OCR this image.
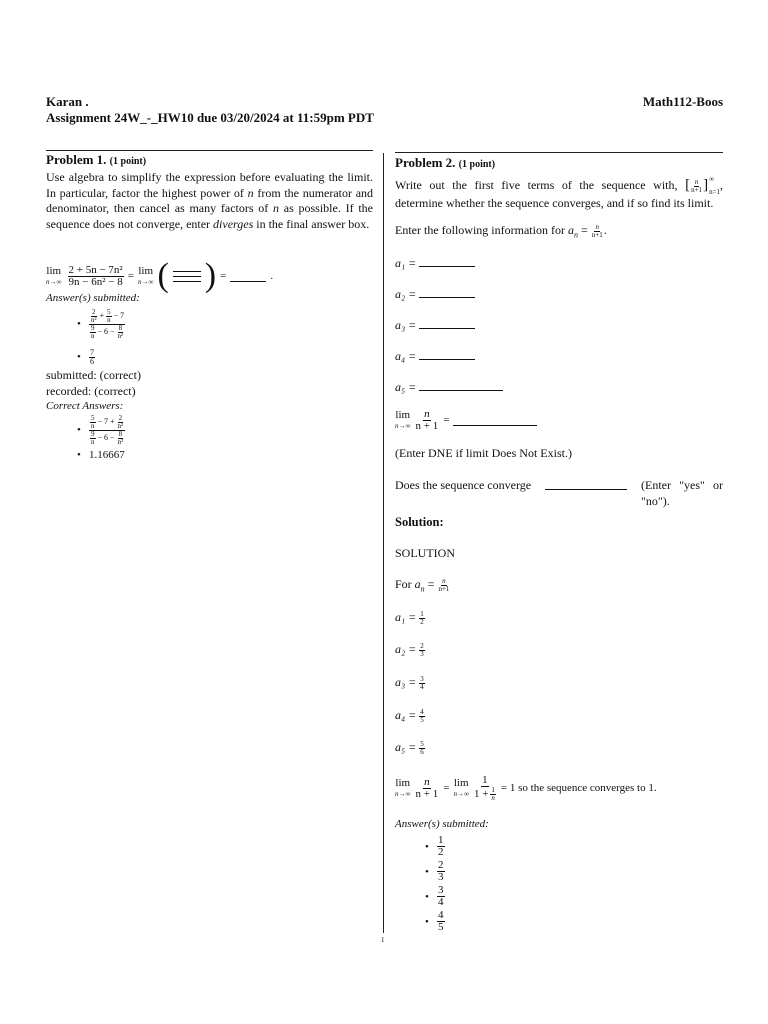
Karan .
Assignment 24W_-_HW10 due 03/20/2024 at 11:59pm PDT
Math112-Boos
Problem 1. (1 point)
Use algebra to simplify the expression before evaluating the limit. In particular, factor the highest power of n from the numerator and denominator, then cancel as many factors of n as possible. If the sequence does not converge, enter diverges in the final answer box.
lim
$n\to\infty \frac{\text{2 + 5n − 7n²}}{\text{9n − 6n² − 8}} = \lim$
n→∞ ( ) =	.
Answer(s) submitted:
• $\frac{\frac{2}{\text{n²}} + \frac{5}{n} - 7}{\frac{9}{n} - 6 - \frac{8}{\text{n²}}}$
• $\frac{7}{6}$
submitted: (correct)
recorded: (correct)
Correct Answers:
• $\frac{\frac{5}{n} - 7 + \frac{2}{\text{n²}}}{\frac{9}{n} - 6 - \frac{8}{\text{n²}}}$
• 1.16667
Problem 2. (1 point)
Write out the first five terms of the sequence with, [ $\frac{n}{n+1}$ ] ∞
n=1
, determine whether the sequence converges, and if so find its limit.
Enter the following information for $a_n = \frac{n}{n+1}$ .
a₁ =
a₂ =
a₃ =
a₄ =
a₅ =
lim
$n\to\infty \frac{n}{n + 1}$ =
(Enter DNE if limit Does Not Exist.)
Does the sequence converge	(Enter "yes" or "no").
Solution:
SOLUTION
For $a_n = \frac{n}{n+1}$
$a_1 = \frac{1}{2}$
$a_2 = \frac{2}{3}$
$a_3 = \frac{3}{4}$
$a_4 = \frac{4}{5}$
$a_5 = \frac{5}{6}$
lim
$n\to\infty \frac{n}{n + 1} = \lim$
$n\to\infty \frac{1}{1 + \frac{1}{n}} = 1$ so the sequence converges to 1.
Answer(s) submitted:
• $\frac{1}{2}$
• $\frac{2}{3}$
• $\frac{3}{4}$
• $\frac{4}{5}$
1
